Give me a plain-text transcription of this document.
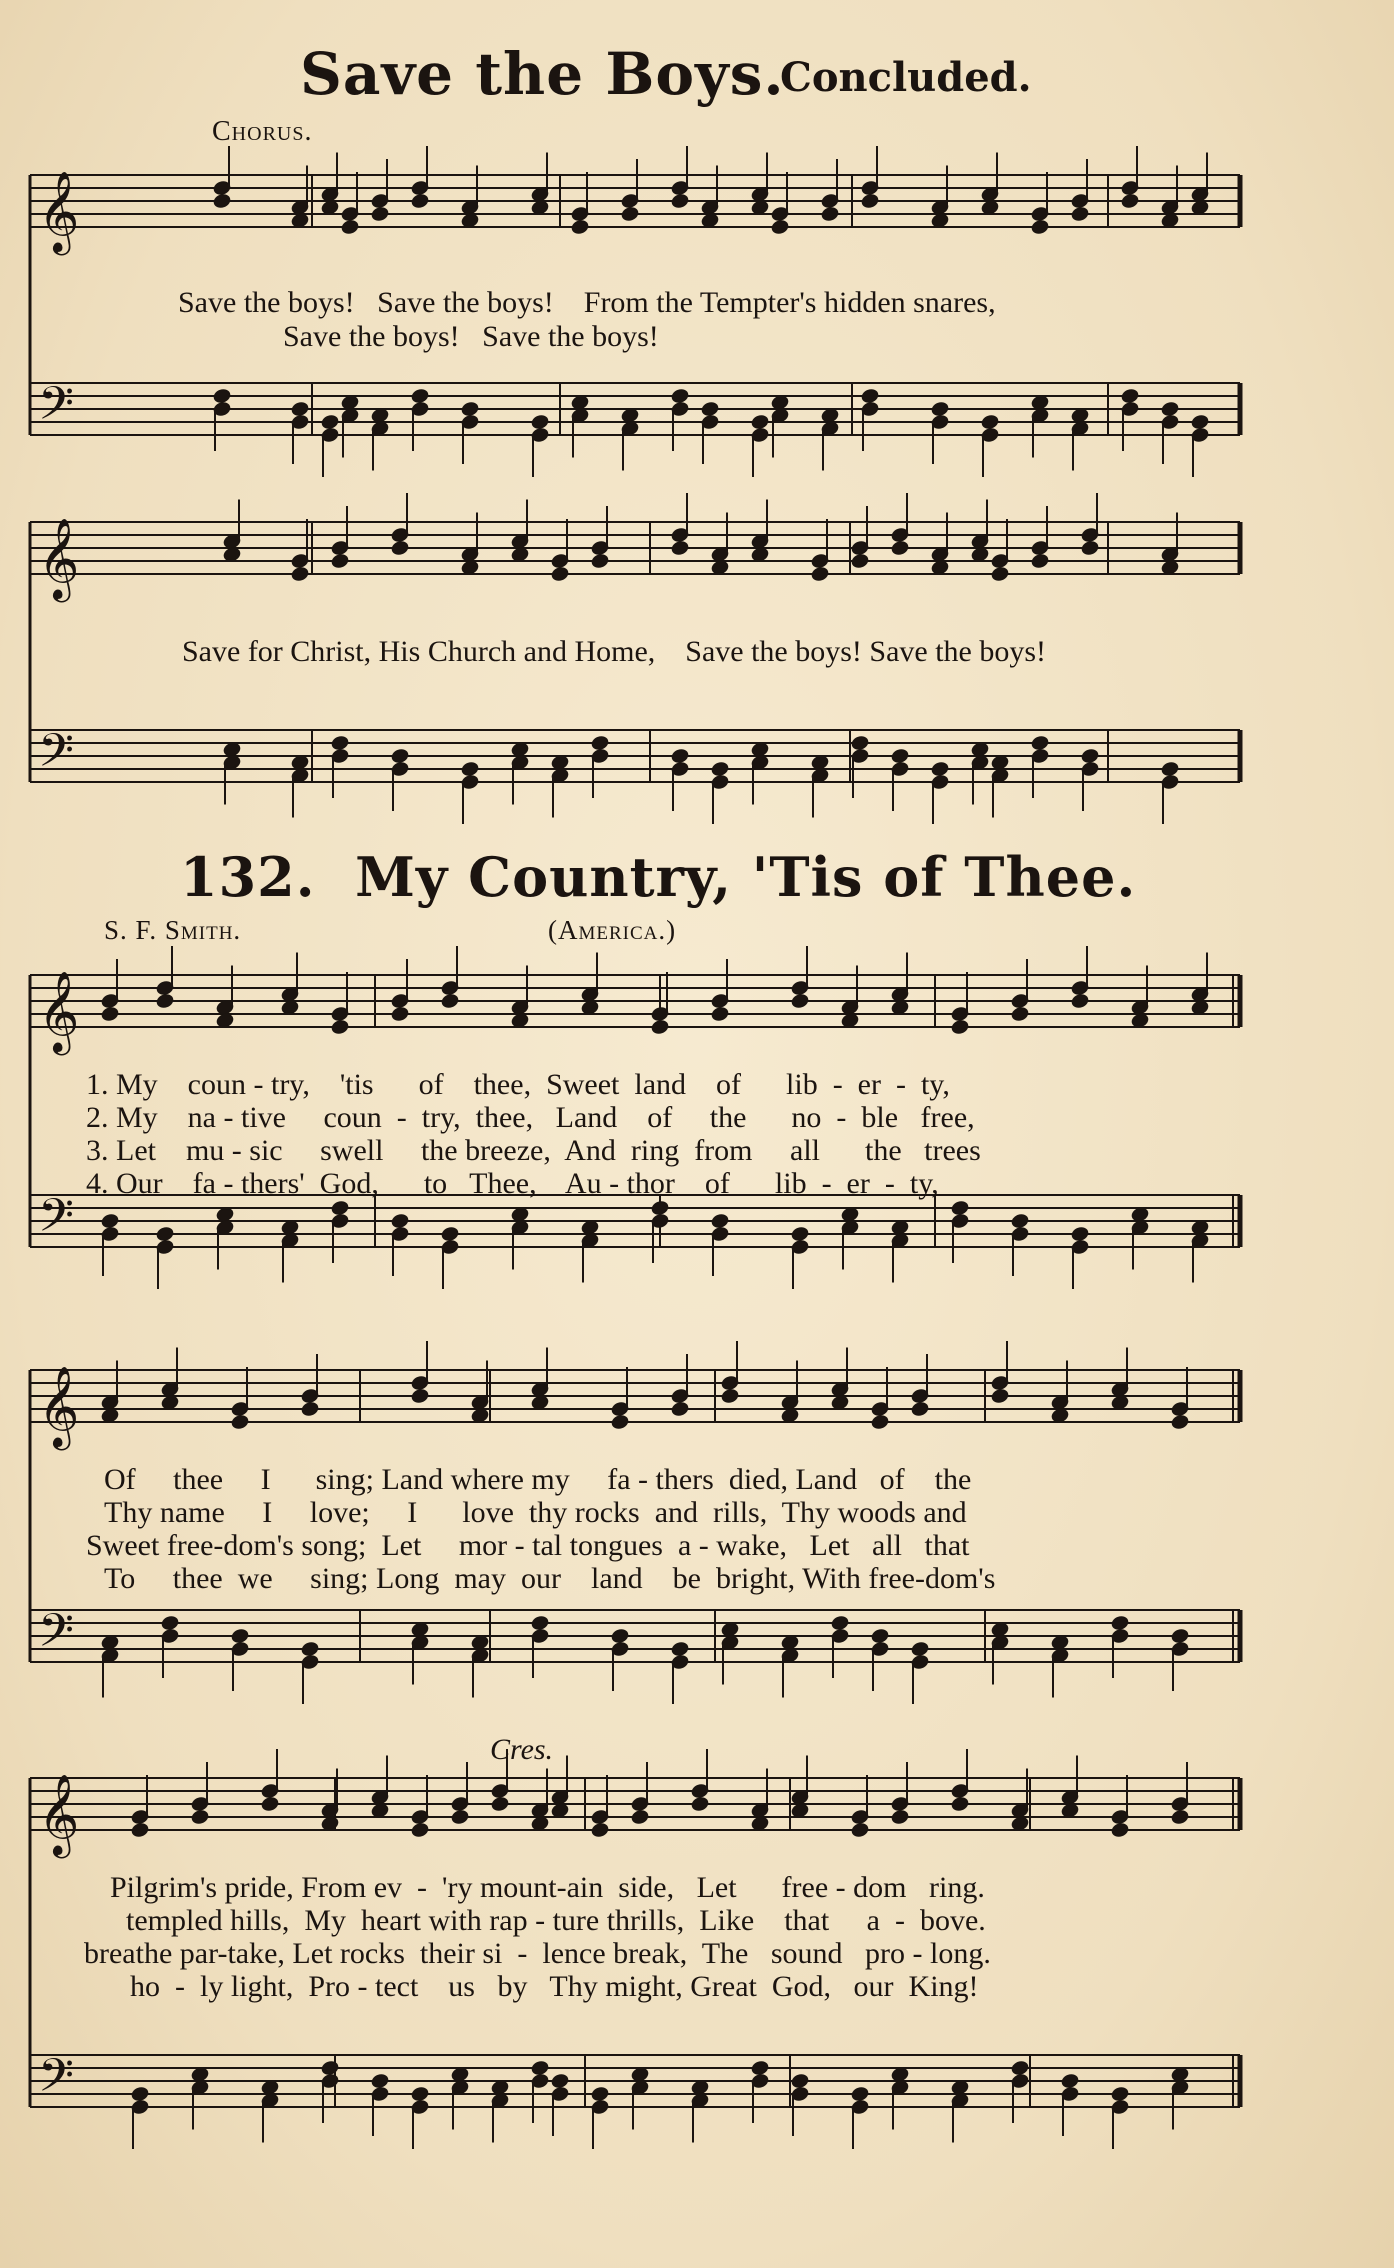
Save the Boys.
Concluded.
Chorus.
𝄞
𝄢
𝄞
𝄢
𝄞
𝄢
𝄞
𝄢
𝄞
𝄢
Save the boys!   Save the boys!    From the Tempter's hidden snares,
Save the boys!   Save the boys!
Save for Christ, His Church and Home,    Save the boys! Save the boys!
132. My Country, 'Tis of Thee.
S. F. Smith.	(America.)
1. My    coun - try,    'tis      of    thee,  Sweet  land    of      lib  -  er  -  ty,
2. My    na - tive     coun  -  try,  thee,   Land    of     the      no  -  ble   free,
3. Let    mu - sic     swell     the breeze,  And  ring  from     all      the   trees
4. Our    fa - thers'  God,      to   Thee,    Au - thor    of      lib  -  er  -  ty,
Of     thee     I      sing; Land where my     fa - thers  died, Land   of    the
Thy name     I     love;     I      love  thy rocks  and  rills,  Thy woods and
Sweet free-dom's song;  Let     mor - tal tongues  a - wake,   Let   all   that
To     thee  we     sing; Long  may  our    land    be  bright, With free-dom's
Cres.
Pilgrim's pride, From ev  -  'ry mount-ain  side,   Let      free - dom   ring.
templed hills,  My  heart with rap - ture thrills,  Like    that     a  -  bove.
breathe par-take, Let rocks  their si  -  lence break,  The   sound   pro - long.
ho  -  ly light,  Pro - tect    us   by   Thy might, Great  God,   our  King!
